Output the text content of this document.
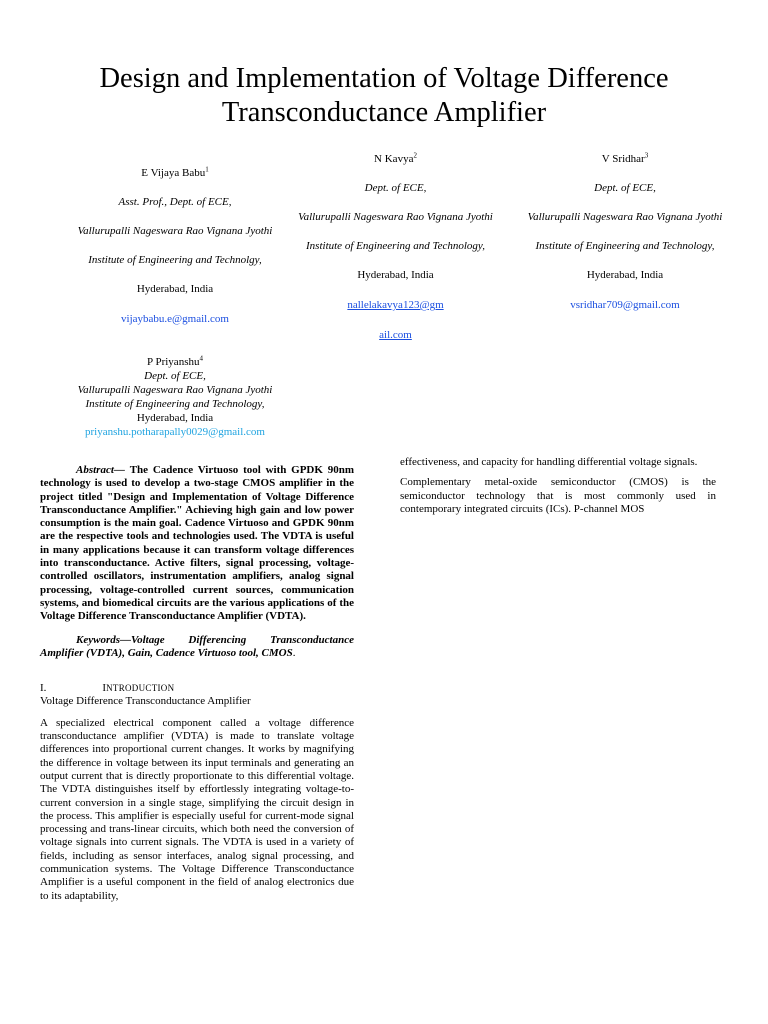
Design and Implementation of Voltage Difference
Transconductance Amplifier
E Vijaya Babu$^1$
Asst. Prof., Dept. of ECE,
Vallurupalli Nageswara Rao Vignana Jyothi
Institute of Engineering and Technolgy,
Hyderabad, India
vijaybabu.e@gmail.com
N Kavya$^2$
Dept. of ECE,
Vallurupalli Nageswara Rao Vignana Jyothi
Institute of Engineering and Technology,
Hyderabad, India
nallelakavya123@gm
ail.com
V Sridhar$^3$
Dept. of ECE,
Vallurupalli Nageswara Rao Vignana Jyothi
Institute of Engineering and Technology,
Hyderabad, India
vsridhar709@gmail.com
P Priyanshu$^4$
Dept. of ECE,
Vallurupalli Nageswara Rao Vignana Jyothi
Institute of Engineering and Technology,
Hyderabad, India
priyanshu.potharapally0029@gmail.com

Abstract— The Cadence Virtuoso tool with GPDK 90nm technology is used to develop a two-stage CMOS amplifier in the project titled "Design and Implementation of Voltage Difference Transconductance Amplifier." Achieving high gain and low power consumption is the main goal. Cadence Virtuoso and GPDK 90nm are the respective tools and technologies used. The VDTA is useful in many applications because it can transform voltage differences into transconductance. Active filters, signal processing, voltage-controlled oscillators, instrumentation amplifiers, analog signal processing, voltage-controlled current sources, communication systems, and biomedical circuits are the various applications of the Voltage Difference Transconductance Amplifier (VDTA).

Keywords—Voltage Differencing Transconductance Amplifier (VDTA), Gain, Cadence Virtuoso tool, CMOS.

I.	INTRODUCTION
Voltage Difference Transconductance Amplifier

A specialized electrical component called a voltage difference transconductance amplifier (VDTA) is made to translate voltage differences into proportional current changes. It works by magnifying the difference in voltage between its input terminals and generating an output current that is directly proportionate to this differential voltage. The VDTA distinguishes itself by effortlessly integrating voltage-to-current conversion in a single stage, simplifying the circuit design in the process. This amplifier is especially useful for current-mode signal processing and trans-linear circuits, which both need the conversion of voltage signals into current signals. The VDTA is used in a variety of fields, including as sensor interfaces, analog signal processing, and communication systems. The Voltage Difference Transconductance Amplifier is a useful component in the field of analog electronics due to its adaptability,

effectiveness, and capacity for handling differential voltage signals.

Complementary metal-oxide semiconductor (CMOS) is the semiconductor technology that is most commonly used in contemporary integrated circuits (ICs). P-channel MOS
